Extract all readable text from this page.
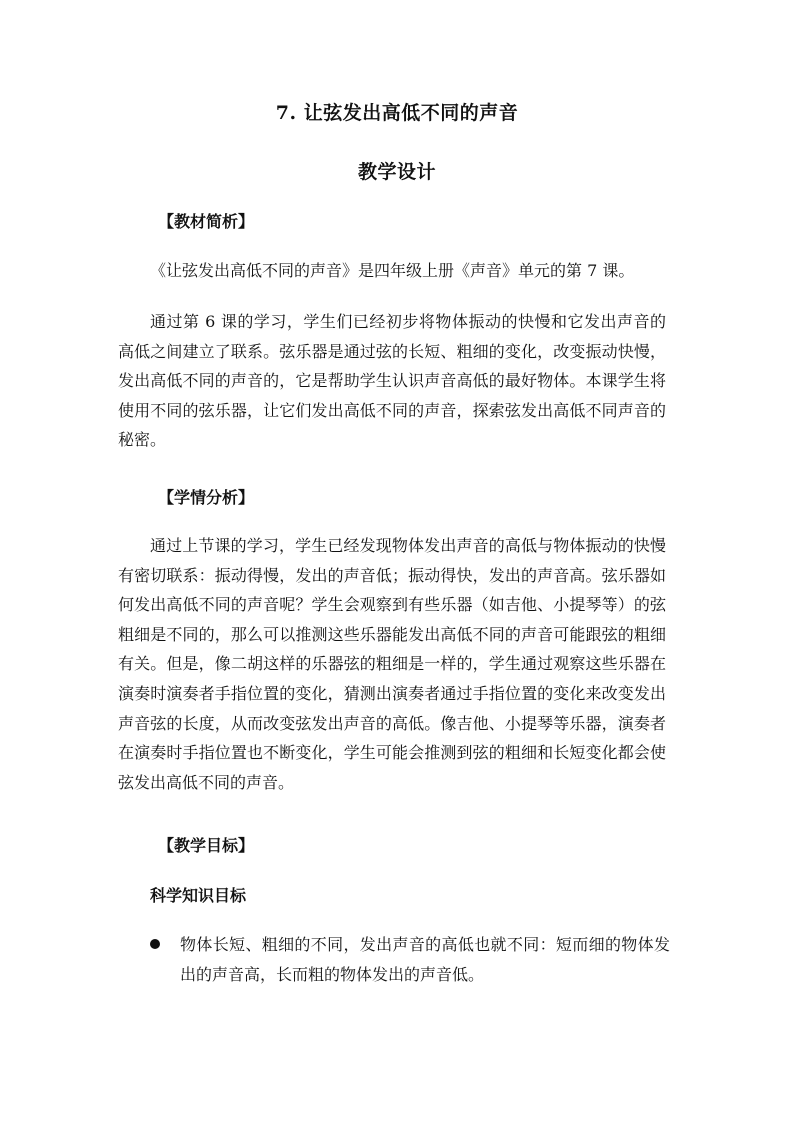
7. 让弦发出高低不同的声音
教学设计
【教材简析】
《让弦发出高低不同的声音》是四年级上册《声音》单元的第 7 课。
通过第 6 课的学习，学生们已经初步将物体振动的快慢和它发出声音的高低之间建立了联系。弦乐器是通过弦的长短、粗细的变化，改变振动快慢，发出高低不同的声音的，它是帮助学生认识声音高低的最好物体。本课学生将使用不同的弦乐器，让它们发出高低不同的声音，探索弦发出高低不同声音的秘密。
【学情分析】
通过上节课的学习，学生已经发现物体发出声音的高低与物体振动的快慢有密切联系：振动得慢，发出的声音低；振动得快，发出的声音高。弦乐器如何发出高低不同的声音呢？学生会观察到有些乐器（如吉他、小提琴等）的弦粗细是不同的，那么可以推测这些乐器能发出高低不同的声音可能跟弦的粗细有关。但是，像二胡这样的乐器弦的粗细是一样的，学生通过观察这些乐器在演奏时演奏者手指位置的变化，猜测出演奏者通过手指位置的变化来改变发出声音弦的长度，从而改变弦发出声音的高低。像吉他、小提琴等乐器，演奏者在演奏时手指位置也不断变化，学生可能会推测到弦的粗细和长短变化都会使弦发出高低不同的声音。
【教学目标】
科学知识目标
物体长短、粗细的不同，发出声音的高低也就不同：短而细的物体发出的声音高，长而粗的物体发出的声音低。
